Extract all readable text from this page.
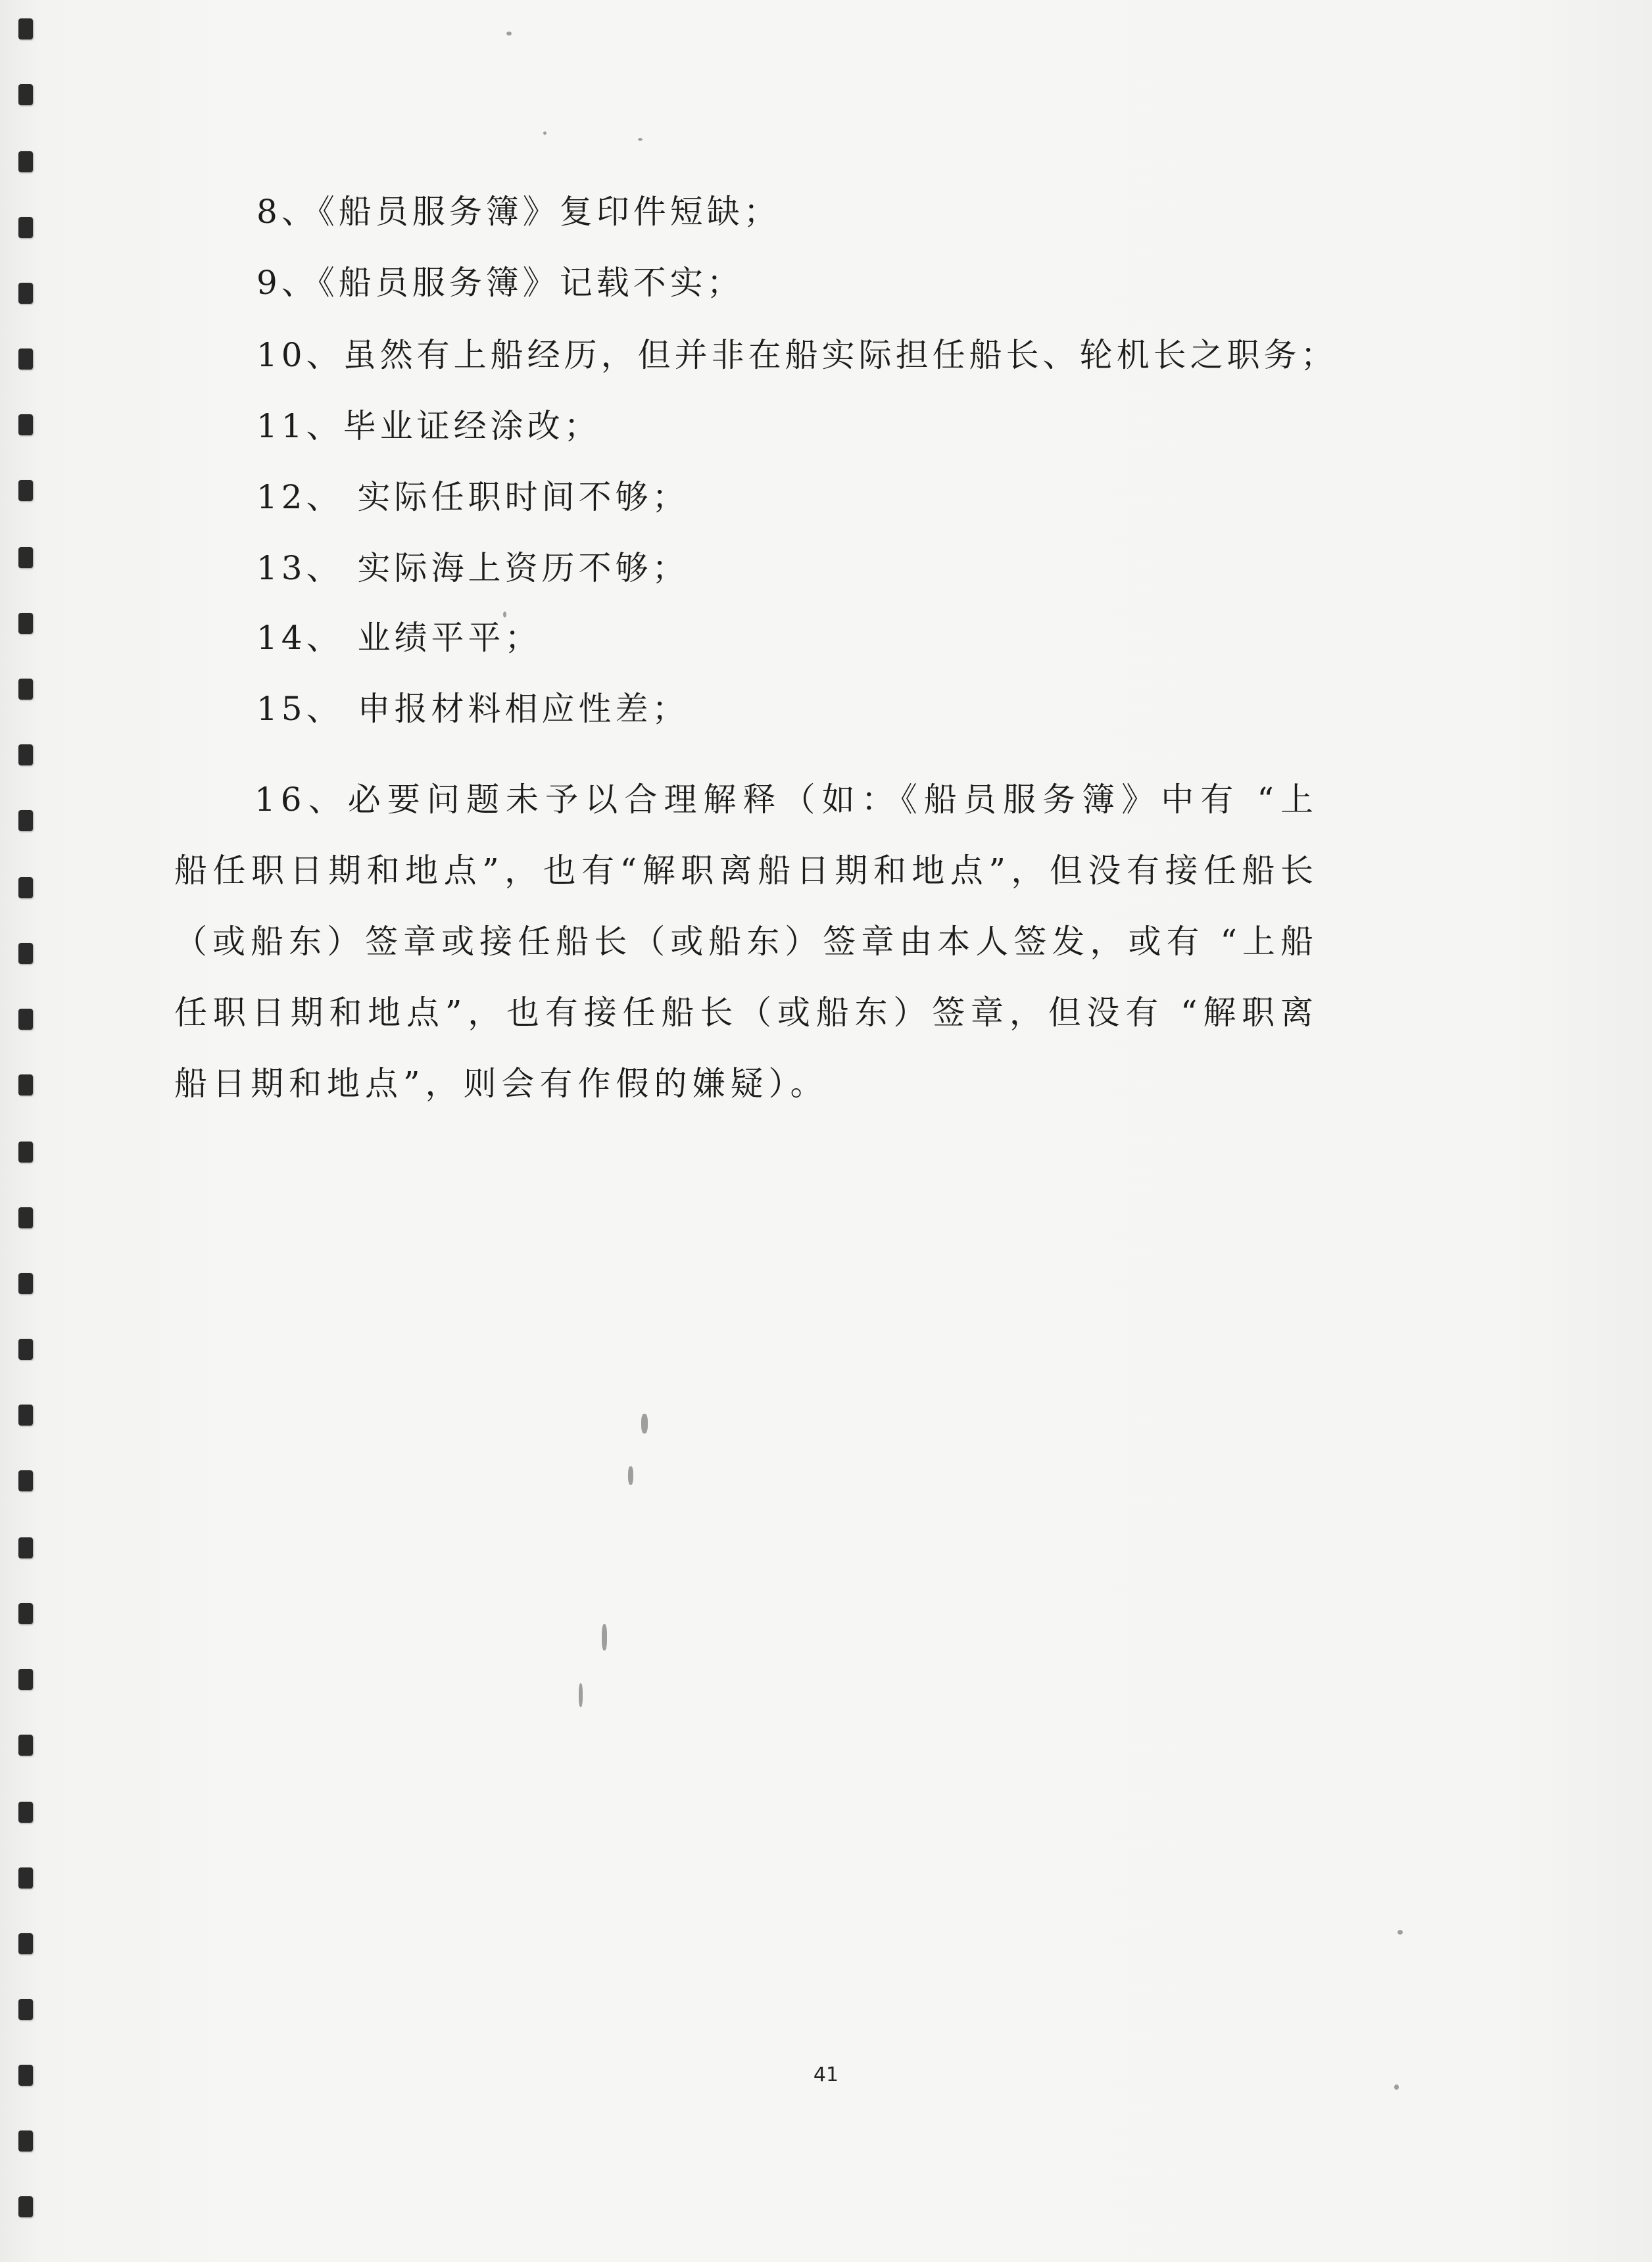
8、《船员服务簿》复印件短缺；
9、《船员服务簿》记载不实；
10、虽然有上船经历，但并非在船实际担任船长、轮机长之职务；
11、毕业证经涂改；
12、 实际任职时间不够；
13、 实际海上资历不够；
14、 业绩平平；
15、 申报材料相应性差；
16、必要问题未予以合理解释（如：《船员服务簿》中有 “上船任职日期和地点”，也有“解职离船日期和地点”，但没有接任船长（或船东）签章或接任船长（或船东）签章由本人签发，或有 “上船任职日期和地点”，也有接任船长（或船东）签章，但没有 “解职离船日期和地点”，则会有作假的嫌疑）。
41
